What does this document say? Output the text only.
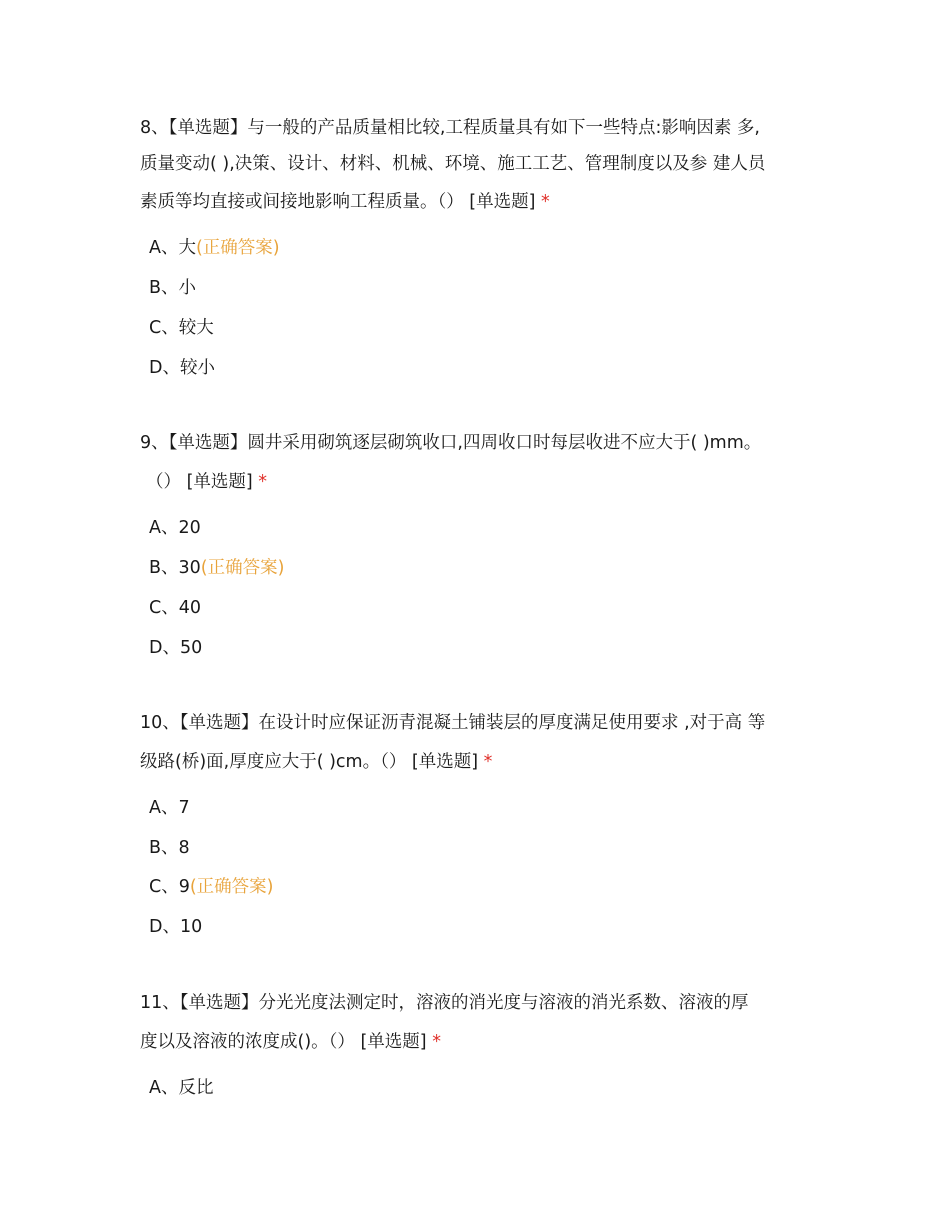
8、【单选题】与一般的产品质量相比较,工程质量具有如下一些特点:影响因素 多,
质量变动( ),决策、设计、材料、机械、环境、施工工艺、管理制度以及参 建人员
素质等均直接或间接地影响工程质量。（） [单选题] *
A、大(正确答案)
B、小
C、较大
D、较小
9、【单选题】圆井采用砌筑逐层砌筑收口,四周收口时每层收进不应大于( )mm。
（） [单选题] *
A、20
B、30(正确答案)
C、40
D、50
10、【单选题】在设计时应保证沥青混凝土铺装层的厚度满足使用要求 ,对于高 等
级路(桥)面,厚度应大于( )cm。（） [单选题] *
A、7
B、8
C、9(正确答案)
D、10
11、【单选题】分光光度法测定时，溶液的消光度与溶液的消光系数、溶液的厚
度以及溶液的浓度成()。（） [单选题] *
A、反比
